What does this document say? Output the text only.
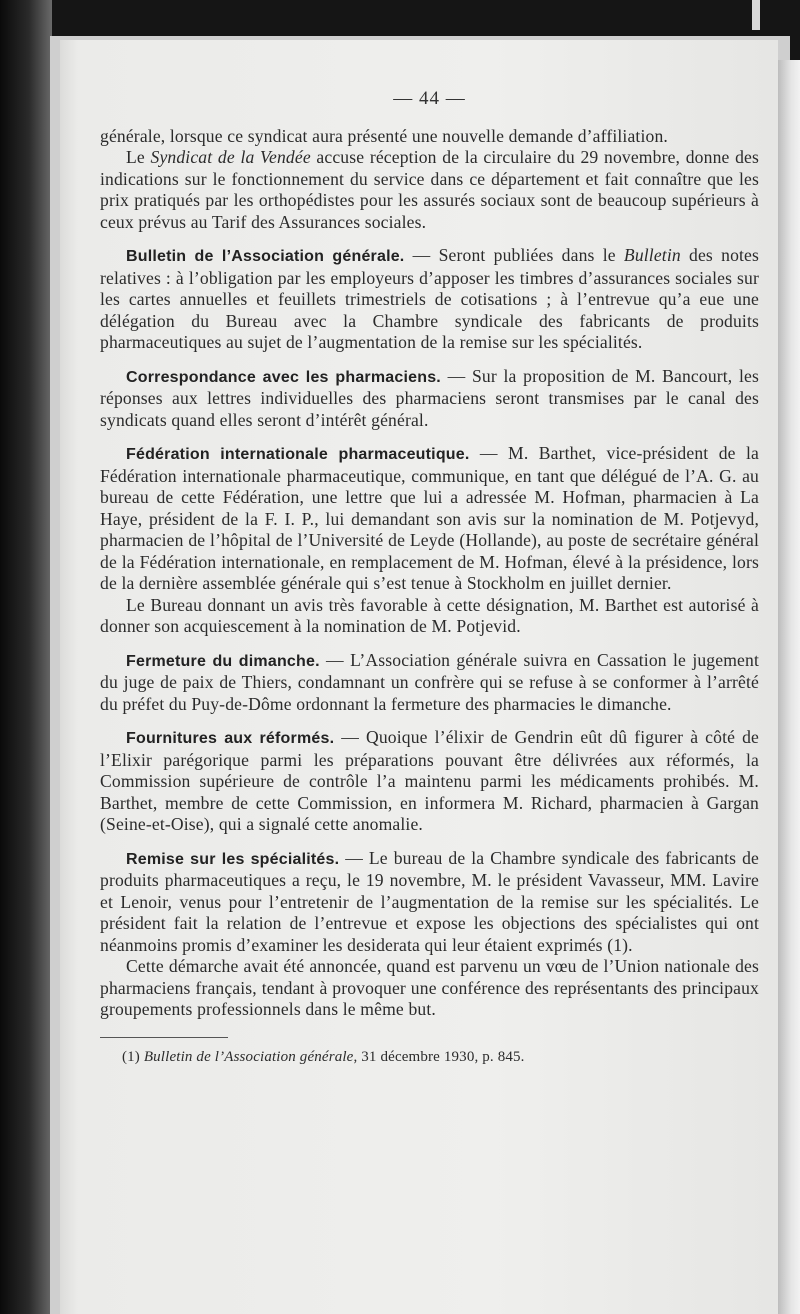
— 44 —

générale, lorsque ce syndicat aura présenté une nouvelle demande d’affiliation.

Le Syndicat de la Vendée accuse réception de la circulaire du 29 novembre, donne des indications sur le fonctionnement du service dans ce département et fait connaître que les prix pratiqués par les orthopédistes pour les assurés sociaux sont de beaucoup supérieurs à ceux prévus au Tarif des Assurances sociales.

Bulletin de l’Association générale. — Seront publiées dans le Bulletin des notes relatives : à l’obligation par les employeurs d’apposer les timbres d’assurances sociales sur les cartes annuelles et feuillets trimestriels de cotisations ; à l’entrevue qu’a eue une délégation du Bureau avec la Chambre syndicale des fabricants de produits pharmaceutiques au sujet de l’augmentation de la remise sur les spécialités.

Correspondance avec les pharmaciens. — Sur la proposition de M. Bancourt, les réponses aux lettres individuelles des pharmaciens seront transmises par le canal des syndicats quand elles seront d’intérêt général.

Fédération internationale pharmaceutique. — M. Barthet, vice-président de la Fédération internationale pharmaceutique, communique, en tant que délégué de l’A. G. au bureau de cette Fédération, une lettre que lui a adressée M. Hofman, pharmacien à La Haye, président de la F. I. P., lui demandant son avis sur la nomination de M. Potjevyd, pharmacien de l’hôpital de l’Université de Leyde (Hollande), au poste de secrétaire général de la Fédération internationale, en remplacement de M. Hofman, élevé à la présidence, lors de la dernière assemblée générale qui s’est tenue à Stockholm en juillet dernier.

Le Bureau donnant un avis très favorable à cette désignation, M. Barthet est autorisé à donner son acquiescement à la nomination de M. Potjevid.

Fermeture du dimanche. — L’Association générale suivra en Cassation le jugement du juge de paix de Thiers, condamnant un confrère qui se refuse à se conformer à l’arrêté du préfet du Puy-de-Dôme ordonnant la fermeture des pharmacies le dimanche.

Fournitures aux réformés. — Quoique l’élixir de Gendrin eût dû figurer à côté de l’Elixir parégorique parmi les préparations pouvant être délivrées aux réformés, la Commission supérieure de contrôle l’a maintenu parmi les médicaments prohibés. M. Barthet, membre de cette Commission, en informera M. Richard, pharmacien à Gargan (Seine-et-Oise), qui a signalé cette anomalie.

Remise sur les spécialités. — Le bureau de la Chambre syndicale des fabricants de produits pharmaceutiques a reçu, le 19 novembre, M. le président Vavasseur, MM. Lavire et Lenoir, venus pour l’entretenir de l’augmentation de la remise sur les spécialités. Le président fait la relation de l’entrevue et expose les objections des spécialistes qui ont néanmoins promis d’examiner les desiderata qui leur étaient exprimés (1).

Cette démarche avait été annoncée, quand est parvenu un vœu de l’Union nationale des pharmaciens français, tendant à provoquer une conférence des représentants des principaux groupements professionnels dans le même but.

(1) Bulletin de l’Association générale, 31 décembre 1930, p. 845.
